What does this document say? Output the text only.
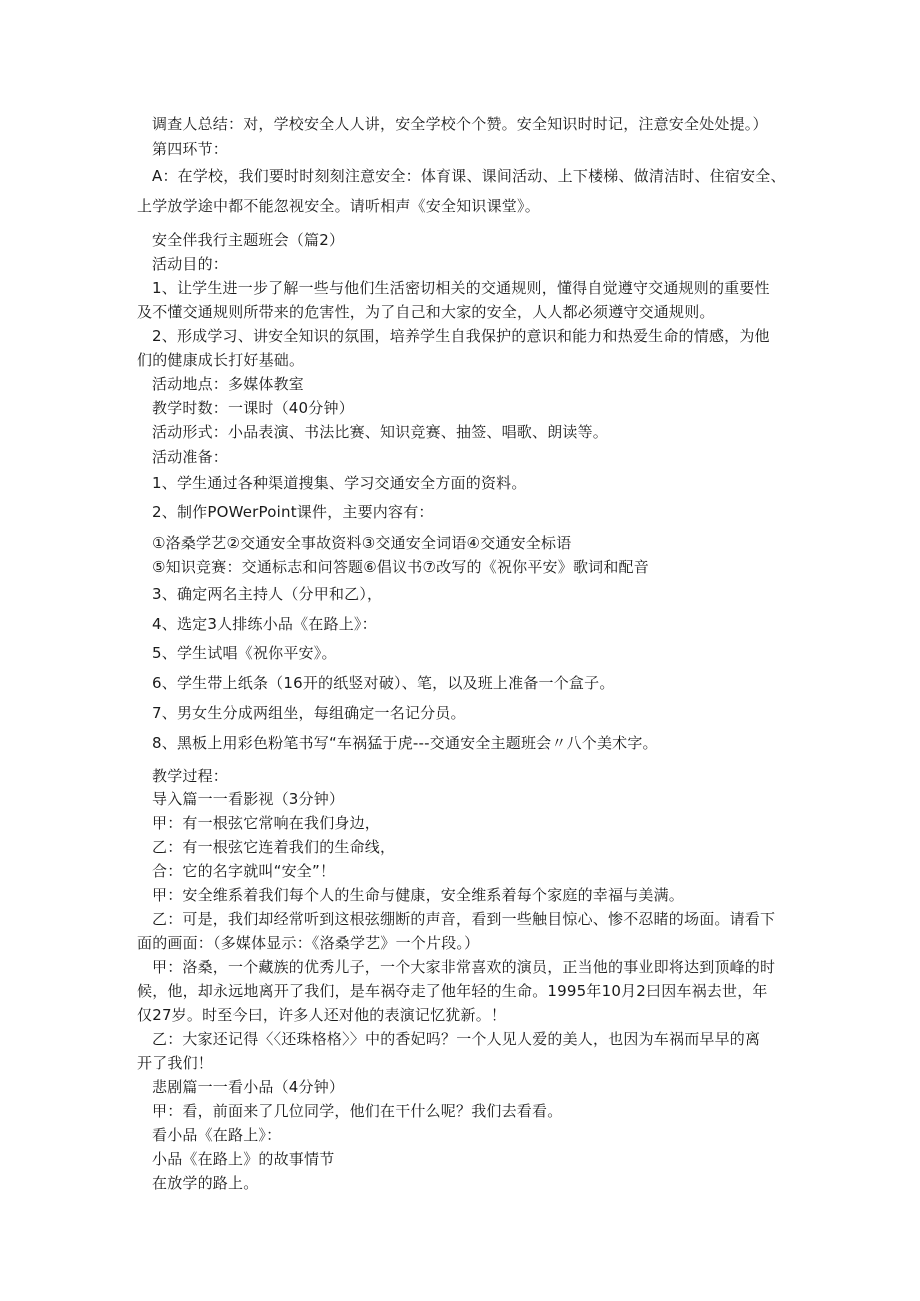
调查人总结：对，学校安全人人讲，安全学校个个赞。安全知识时时记，注意安全处处提。）
第四环节：
A：在学校，我们要时时刻刻注意安全：体育课、课间活动、上下楼梯、做清洁时、住宿安全、
上学放学途中都不能忽视安全。请听相声《安全知识课堂》。
安全伴我行主题班会（篇2）
活动目的：
1、让学生进一步了解一些与他们生活密切相关的交通规则，懂得自觉遵守交通规则的重要性
及不懂交通规则所带来的危害性，为了自己和大家的安全，人人都必须遵守交通规则。
2、形成学习、讲安全知识的氛围，培养学生自我保护的意识和能力和热爱生命的情感，为他
们的健康成长打好基础。
活动地点：多媒体教室
教学时数：一课时（40分钟）
活动形式：小品表演、书法比赛、知识竞赛、抽签、唱歌、朗读等。
活动准备：
1、学生通过各种渠道搜集、学习交通安全方面的资料。
2、制作POWerPoint课件，主要内容有：
①洛桑学艺②交通安全事故资料③交通安全词语④交通安全标语
⑤知识竞赛：交通标志和问答题⑥倡议书⑦改写的《祝你平安》歌词和配音
3、确定两名主持人（分甲和乙），
4、选定3人排练小品《在路上》：
5、学生试唱《祝你平安》。
6、学生带上纸条（16开的纸竖对破）、笔，以及班上准备一个盒子。
7、男女生分成两组坐，每组确定一名记分员。
8、黑板上用彩色粉笔书写“车祸猛于虎---交通安全主题班会〃八个美术字。
教学过程：
导入篇一一看影视（3分钟）
甲：有一根弦它常响在我们身边，
乙：有一根弦它连着我们的生命线，
合：它的名字就叫“安全”！
甲：安全维系着我们每个人的生命与健康，安全维系着每个家庭的幸福与美满。
乙：可是，我们却经常听到这根弦绷断的声音，看到一些触目惊心、惨不忍睹的场面。请看下
面的画面：（多媒体显示：《洛桑学艺》一个片段。）
甲：洛桑，一个藏族的优秀儿子，一个大家非常喜欢的演员，正当他的事业即将达到顶峰的时
候，他，却永远地离开了我们，是车祸夺走了他年轻的生命。1995年10月2曰因车祸去世，年
仅27岁。时至今曰，许多人还对他的表演记忆犹新。！
乙：大家还记得〈〈还珠格格〉〉中的香妃吗？一个人见人爱的美人，也因为车祸而早早的离
开了我们！
悲剧篇一一看小品（4分钟）
甲：看，前面来了几位同学，他们在干什么呢？我们去看看。
看小品《在路上》：
小品《在路上》的故事情节
在放学的路上。
